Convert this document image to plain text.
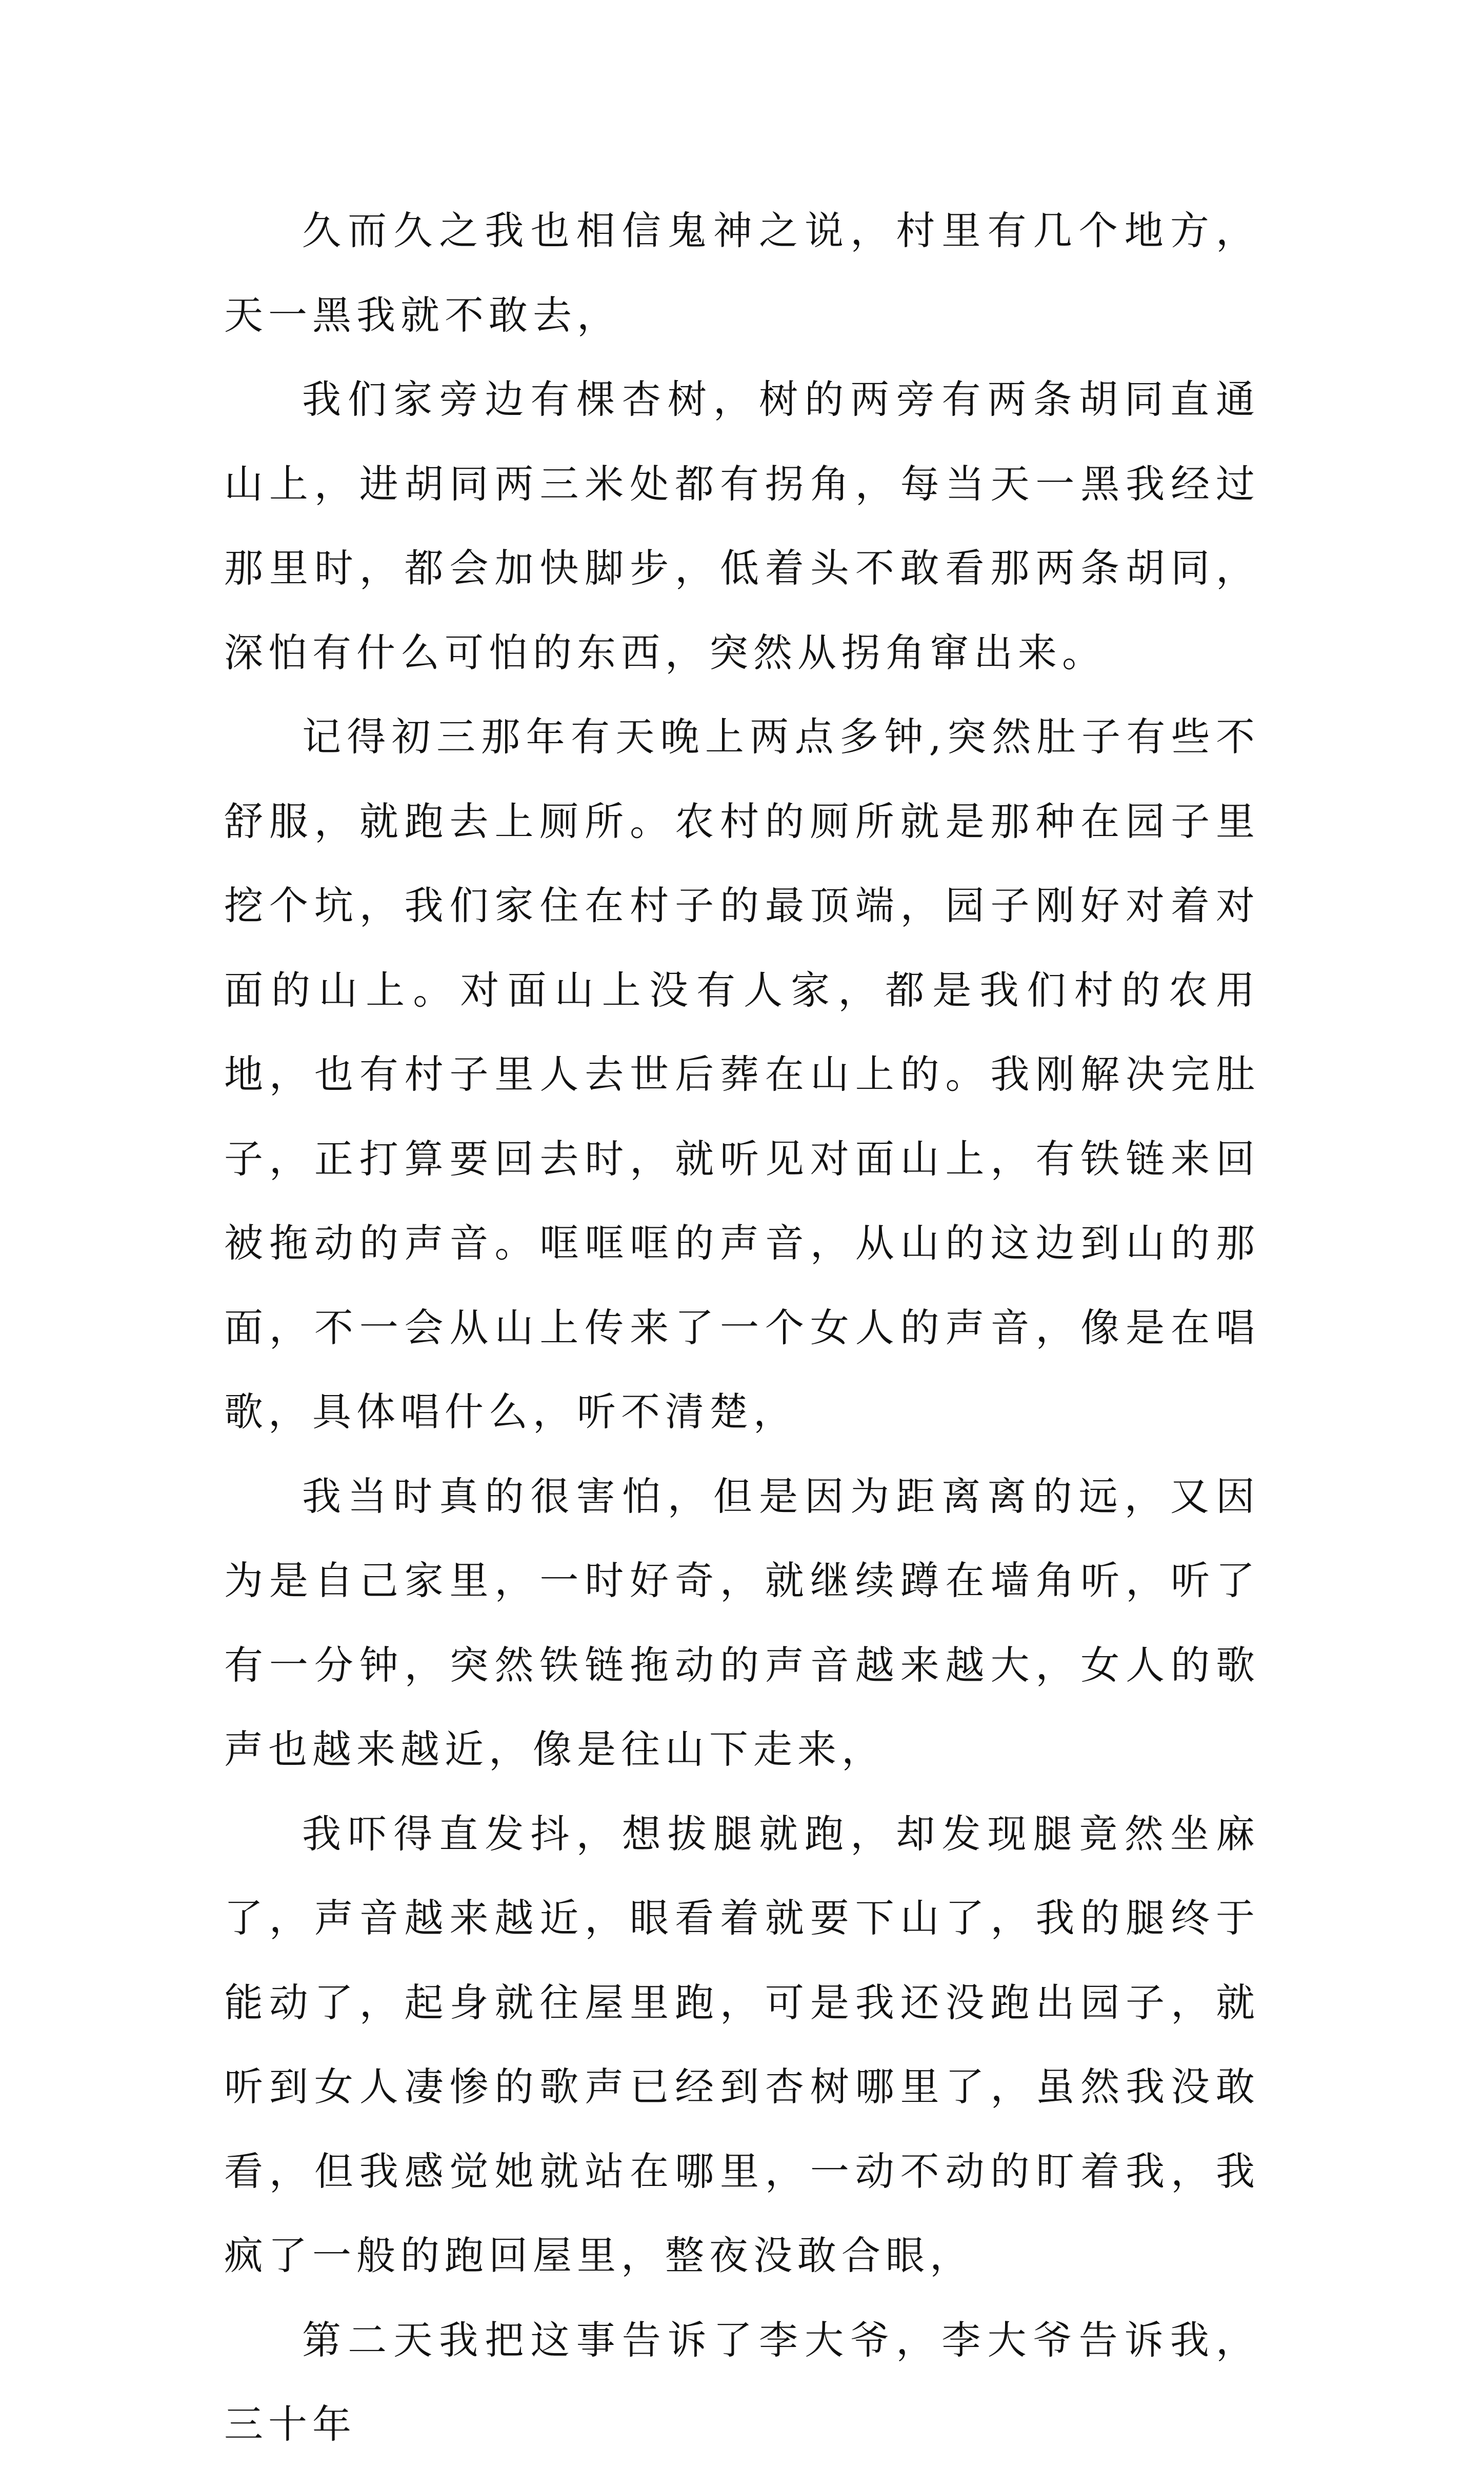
久而久之我也相信鬼神之说，村里有几个地方，天一黑我就不敢去，

我们家旁边有棵杏树，树的两旁有两条胡同直通山上，进胡同两三米处都有拐角，每当天一黑我经过那里时，都会加快脚步，低着头不敢看那两条胡同，深怕有什么可怕的东西，突然从拐角窜出来。

记得初三那年有天晚上两点多钟,突然肚子有些不舒服，就跑去上厕所。农村的厕所就是那种在园子里挖个坑，我们家住在村子的最顶端，园子刚好对着对面的山上。对面山上没有人家，都是我们村的农用地，也有村子里人去世后葬在山上的。我刚解决完肚子，正打算要回去时，就听见对面山上，有铁链来回被拖动的声音。哐哐哐的声音，从山的这边到山的那面，不一会从山上传来了一个女人的声音，像是在唱歌，具体唱什么，听不清楚，

我当时真的很害怕，但是因为距离离的远，又因为是自己家里，一时好奇，就继续蹲在墙角听，听了有一分钟，突然铁链拖动的声音越来越大，女人的歌声也越来越近，像是往山下走来，

我吓得直发抖，想拔腿就跑，却发现腿竟然坐麻了，声音越来越近，眼看着就要下山了，我的腿终于能动了，起身就往屋里跑，可是我还没跑出园子，就听到女人凄惨的歌声已经到杏树哪里了，虽然我没敢看，但我感觉她就站在哪里，一动不动的盯着我，我疯了一般的跑回屋里，整夜没敢合眼，

第二天我把这事告诉了李大爷，李大爷告诉我，三十年
